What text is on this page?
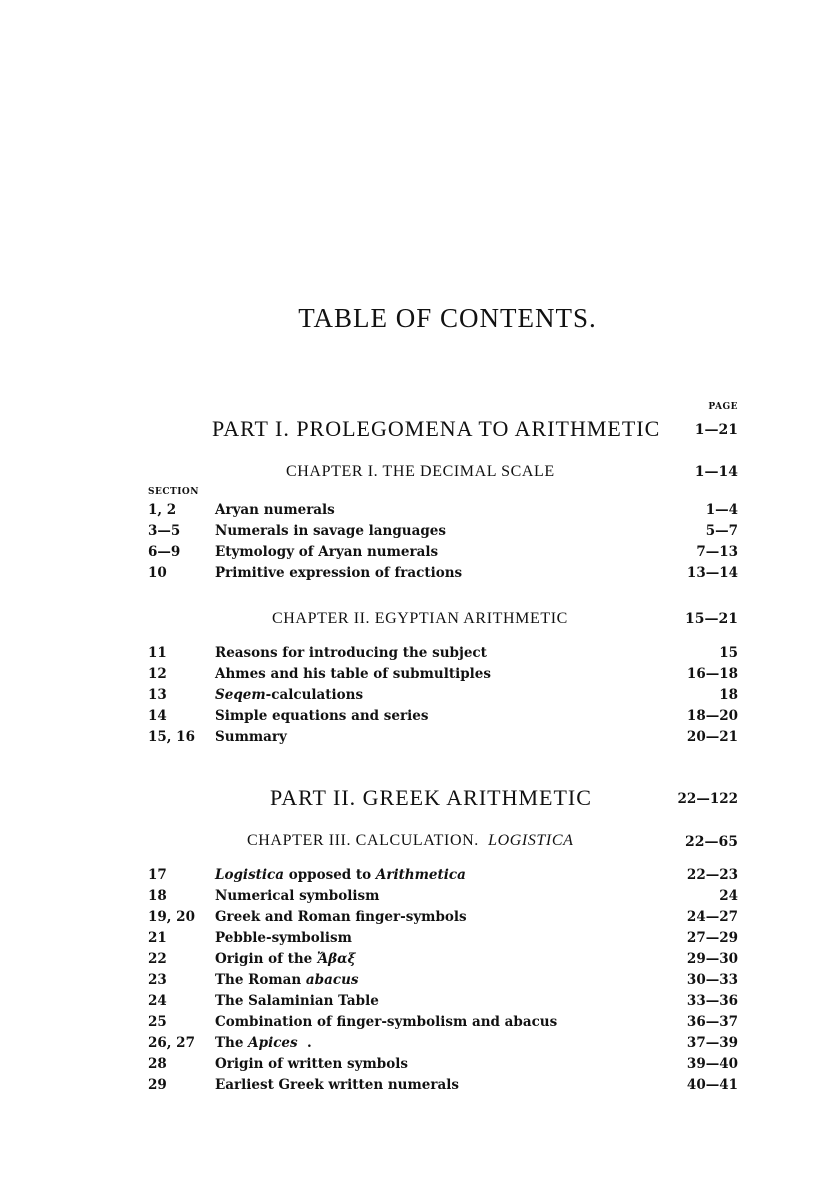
TABLE OF CONTENTS.
PAGE
PART I. PROLEGOMENA TO ARITHMETIC 1—21
CHAPTER I. THE DECIMAL SCALE	1—14
SECTION
1, 2	Aryan numerals	1—4
3—5	Numerals in savage languages	5—7
6—9	Etymology of Aryan numerals	7—13
10	Primitive expression of fractions	13—14
CHAPTER II. EGYPTIAN ARITHMETIC	15—21
11	Reasons for introducing the subject	15
12	Ahmes and his table of submultiples	16—18
13	Seqem-calculations	18
14	Simple equations and series	18—20
15, 16 Summary	20—21
PART II. GREEK ARITHMETIC	22—122
CHAPTER III. CALCULATION. LOGISTICA	22—65
17	Logistica opposed to Arithmetica	22—23
18	Numerical symbolism	24
19, 20 Greek and Roman finger-symbols	24—27
21	Pebble-symbolism	27—29
22	Origin of the Ἄβαξ	29—30
23	The Roman abacus	30—33
24	The Salaminian Table	33—36
25	Combination of finger-symbolism and abacus	36—37
26, 27 The Apices  .	37—39
28	Origin of written symbols	39—40
29	Earliest Greek written numerals	40—41
